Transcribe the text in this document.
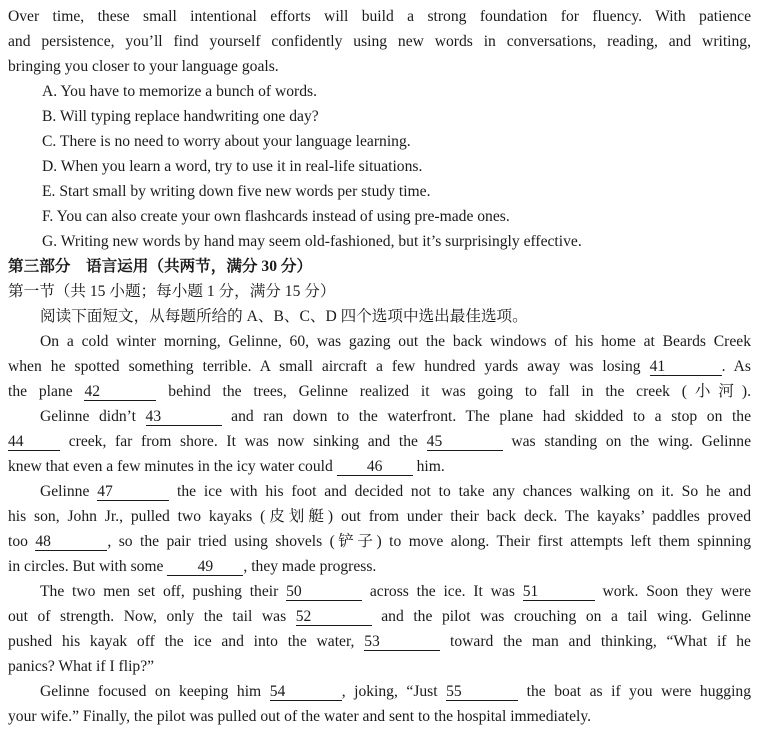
Over time, these small intentional efforts will build a strong foundation for fluency. With patience
and persistence, you’ll find yourself confidently using new words in conversations, reading, and writing,
bringing you closer to your language goals.
A. You have to memorize a bunch of words.
B. Will typing replace handwriting one day?
C. There is no need to worry about your language learning.
D. When you learn a word, try to use it in real-life situations.
E. Start small by writing down five new words per study time.
F. You can also create your own flashcards instead of using pre-made ones.
G. Writing new words by hand may seem old-fashioned, but it’s surprisingly effective.
第三部分　语言运用（共两节，满分 30 分）
第一节（共 15 小题；每小题 1 分，满分 15 分）
阅读下面短文，从每题所给的 A、B、C、D 四个选项中选出最佳选项。
On a cold winter morning, Gelinne, 60, was gazing out the back windows of his home at Beards Creek
when he spotted something terrible. A small aircraft a few hundred yards away was losing 41	. As
the plane 42	behind the trees, Gelinne realized it was going to fall in the creek (小河).
Gelinne didn’t 43	and ran down to the waterfront. The plane had skidded to a stop on the
44	creek, far from shore. It was now sinking and the 45	was standing on the wing. Gelinne
knew that even a few minutes in the icy water could 46 him.
Gelinne 47	the ice with his foot and decided not to take any chances walking on it. So he and
his son, John Jr., pulled two kayaks (皮划艇) out from under their back deck. The kayaks’ paddles proved
too 48	, so the pair tried using shovels (铲子) to move along. Their first attempts left them spinning
in circles. But with some 49 , they made progress.
The two men set off, pushing their 50	across the ice. It was 51	work. Soon they were
out of strength. Now, only the tail was 52	and the pilot was crouching on a tail wing. Gelinne
pushed his kayak off the ice and into the water, 53	toward the man and thinking, “What if he
panics? What if I flip?”
Gelinne focused on keeping him 54	, joking, “Just 55	the boat as if you were hugging
your wife.” Finally, the pilot was pulled out of the water and sent to the hospital immediately.
